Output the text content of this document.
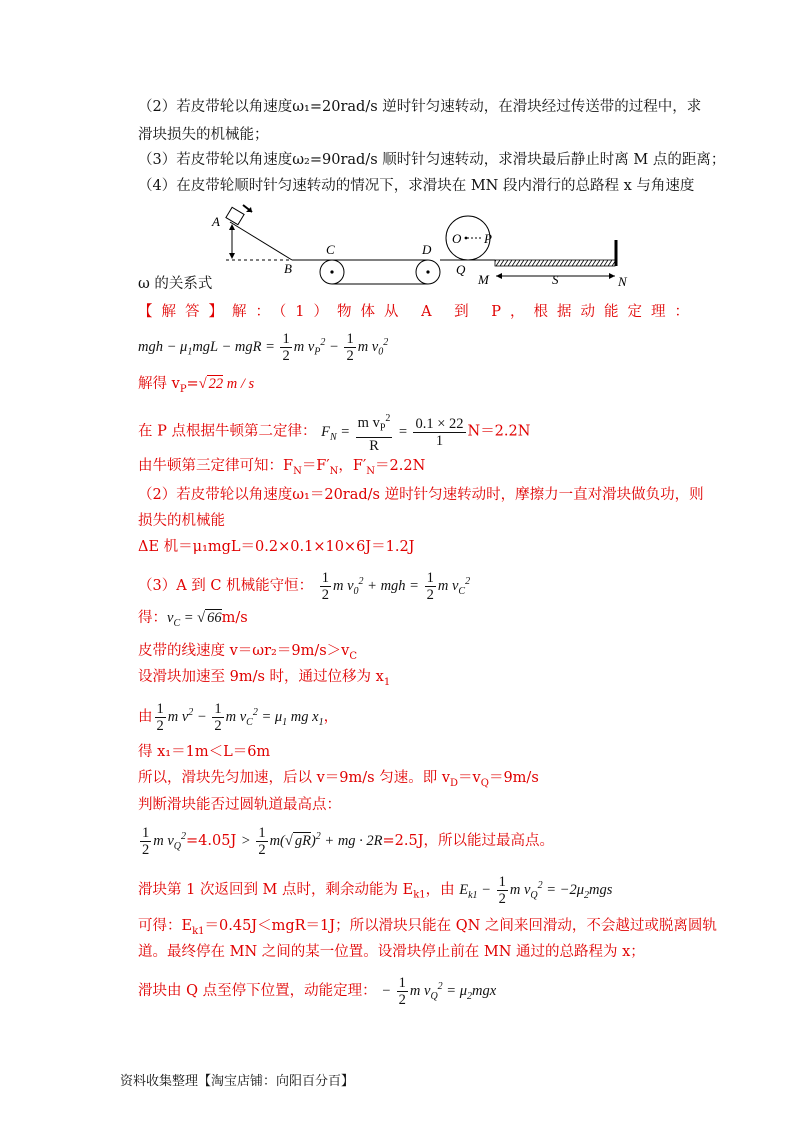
（2）若皮带轮以角速度ω₁=20rad/s 逆时针匀速转动，在滑块经过传送带的过程中，求
滑块损失的机械能；
（3）若皮带轮以角速度ω₂=90rad/s 顺时针匀速转动，求滑块最后静止时离 M 点的距离；
（4）在皮带轮顺时针匀速转动的情况下，求滑块在 MN 段内滑行的总路程 x 与角速度
A
B
C	D
O P
Q
M	S	N
ω 的关系式
【解答】解：（1）物体从 A 到 P，根据动能定理：
mgh − $\mu_1mgL$ − mgR = $\frac{1}{2}$ m $v_P^2 - \frac{1}{2}$ m $v_0^2$
解得 $v_P=√$ 22 m / s
在 P 点根据牛顿第二定律： $F_N = \frac{m v_P^2}{R} = \frac{0.1 \times 22}{1} N=2.2N$
由牛顿第三定律可知：$F_N=F'_N$，$F'_N=2.2N$
（2）若皮带轮以角速度ω₁＝20rad/s 逆时针匀速转动时，摩擦力一直对滑块做负功，则
损失的机械能
ΔE 机＝μ₁mgL＝0.2×0.1×10×6J＝1.2J
（3）A 到 C 机械能守恒： $\frac{1}{2}$ m $v_0^2$ + mgh = $\frac{1}{2}$ m $v_C^2$
得：$v_C$ = √ 66m/s
皮带的线速度 $v=\omega r_2=9m/s>v_C$
设滑块加速至 9m/s 时，通过位移为 $x_1$
由 $\frac{1}{2}$ m $v^2 - \frac{1}{2}$ m $v_C^2 = \mu_1$ mg $x_1$，
得 x₁＝1m＜L＝6m
所以，滑块先匀加速，后以 v＝9m/s 匀速。即 $v_D=v_Q=9m/s$
判断滑块能否过圆轨道最高点：
$\frac{1}{2}$ m $v_Q^2=4.05J > \frac{1}{2} m(√$ gR)$^2$ + mg · 2R=2.5J，所以能过最高点。
滑块第 1 次返回到 M 点时，剩余动能为 $E_{k1}$，由 $E_{k1} - \frac{1}{2}$ m $v_Q^2 = -2\mu_2mgs$
可得：$E_{k1}=0.45J<mgR=1J$；所以滑块只能在 QN 之间来回滑动，不会越过或脱离圆轨
道。最终停在 MN 之间的某一位置。设滑块停止前在 MN 通过的总路程为 x；
滑块由 Q 点至停下位置，动能定理： − $\frac{1}{2}$ m $v_Q^2 = \mu_2mgx$
资料收集整理【淘宝店铺：向阳百分百】
